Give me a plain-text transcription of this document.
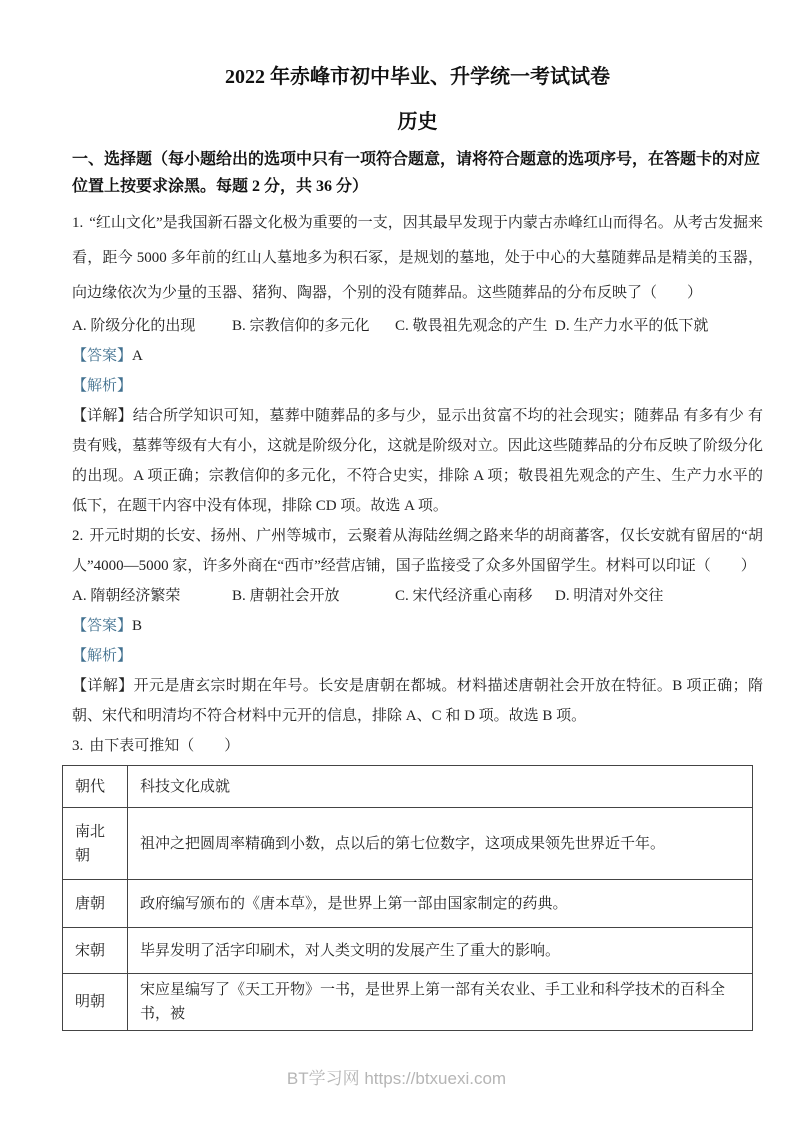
2022 年赤峰市初中毕业、升学统一考试试卷
历史

一、选择题（每小题给出的选项中只有一项符合题意，请将符合题意的选项序号，在答题卡的对应位置上按要求涂黑。每题 2 分，共 36 分）

1. “红山文化”是我国新石器文化极为重要的一支，因其最早发现于内蒙古赤峰红山而得名。从考古发掘来看，距今 5000 多年前的红山人墓地多为积石冢，是规划的墓地，处于中心的大墓随葬品是精美的玉器，向边缘依次为少量的玉器、猪狗、陶器，个别的没有随葬品。这些随葬品的分布反映了（　　）

A. 阶级分化的出现 B. 宗教信仰的多元化 C. 敬畏祖先观念的产生 D. 生产力水平的低下就

【答案】A

【解析】

【详解】结合所学知识可知，墓葬中随葬品的多与少，显示出贫富不均的社会现实；随葬品 有多有少 有贵有贱，墓葬等级有大有小，这就是阶级分化，这就是阶级对立。因此这些随葬品的分布反映了阶级分化的出现。A 项正确；宗教信仰的多元化，不符合史实，排除 A 项；敬畏祖先观念的产生、生产力水平的低下，在题干内容中没有体现，排除 CD 项。故选 A 项。

2. 开元时期的长安、扬州、广州等城市，云聚着从海陆丝绸之路来华的胡商蕃客，仅长安就有留居的“胡人”4000—5000 家，许多外商在“西市”经营店铺，国子监接受了众多外国留学生。材料可以印证（　　）

A. 隋朝经济繁荣	B. 唐朝社会开放	C. 宋代经济重心南移 D. 明清对外交往

【答案】B

【解析】

【详解】开元是唐玄宗时期在年号。长安是唐朝在都城。材料描述唐朝社会开放在特征。B 项正确；隋朝、宋代和明清均不符合材料中元开的信息，排除 A、C 和 D 项。故选 B 项。

3. 由下表可推知（　　）

朝代	科技文化成就
南北朝	祖冲之把圆周率精确到小数，点以后的第七位数字，这项成果领先世界近千年。
唐朝	政府编写颁布的《唐本草》，是世界上第一部由国家制定的药典。
宋朝	毕昇发明了活字印刷术，对人类文明的发展产生了重大的影响。
明朝	宋应星编写了《天工开物》一书，是世界上第一部有关农业、手工业和科学技术的百科全书，被
BT学习网 https://btxuexi.com
